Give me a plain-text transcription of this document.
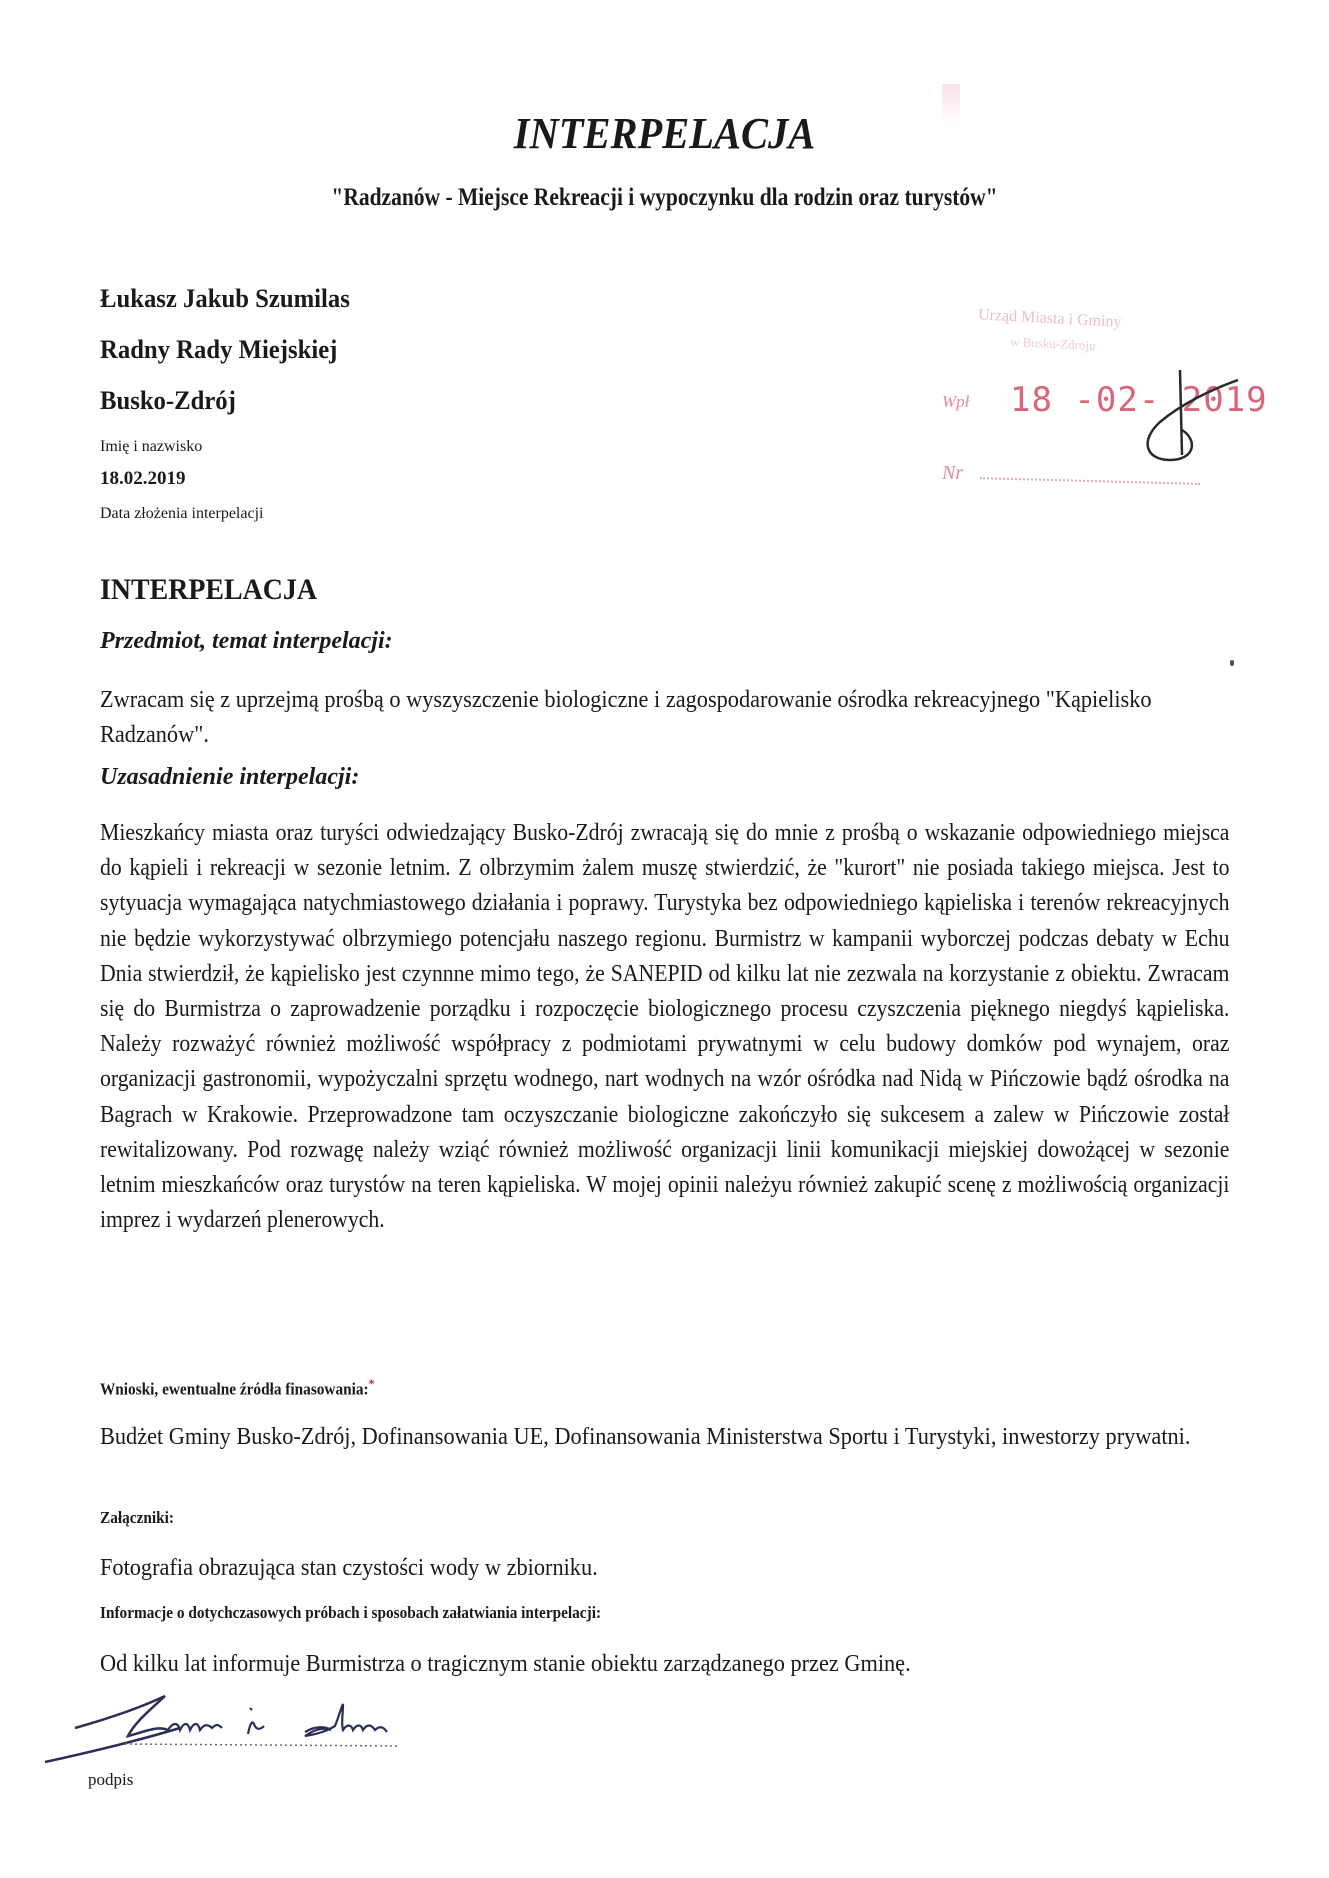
INTERPELACJA
"Radzanów - Miejsce Rekreacji i wypoczynku dla rodzin oraz turystów"
Łukasz Jakub Szumilas
Radny Rady Miejskiej
Busko-Zdrój
Imię i nazwisko
18.02.2019
Data złożenia interpelacji
Urząd Miasta i Gminy
w Busku-Zdroju
Wpł 18 -02- 2019
Nr
INTERPELACJA
Przedmiot, temat interpelacji:
Zwracam się z uprzejmą prośbą o wyszyszczenie biologiczne i zagospodarowanie ośrodka rekreacyjnego "Kąpielisko Radzanów".
Uzasadnienie interpelacji:
Mieszkańcy miasta oraz turyści odwiedzający Busko-Zdrój zwracają się do mnie z prośbą o wskazanie odpowiedniego miejsca do kąpieli i rekreacji w sezonie letnim. Z olbrzymim żalem muszę stwierdzić, że "kurort" nie posiada takiego miejsca. Jest to sytyuacja wymagająca natychmiastowego działania i poprawy. Turystyka bez odpowiedniego kąpieliska i terenów rekreacyjnych nie będzie wykorzystywać olbrzymiego potencjału naszego regionu. Burmistrz w kampanii wyborczej podczas debaty w Echu Dnia stwierdził, że kąpielisko jest czynnne mimo tego, że SANEPID od kilku lat nie zezwala na korzystanie z obiektu. Zwracam się do Burmistrza o zaprowadzenie porządku i rozpoczęcie biologicznego procesu czyszczenia pięknego niegdyś kąpieliska. Należy rozważyć również możliwość współpracy z podmiotami prywatnymi w celu budowy domków pod wynajem, oraz organizacji gastronomii, wypożyczalni sprzętu wodnego, nart wodnych na wzór ośródka nad Nidą w Pińczowie bądź ośrodka na Bagrach w Krakowie. Przeprowadzone tam oczyszczanie biologiczne zakończyło się sukcesem a zalew w Pińczowie został rewitalizowany. Pod rozwagę należy wziąć również możliwość organizacji linii komunikacji miejskiej dowożącej w sezonie letnim mieszkańców oraz turystów na teren kąpieliska. W mojej opinii należyu również zakupić scenę z możliwością organizacji imprez i wydarzeń plenerowych.
Wnioski, ewentualne źródła finasowania:*
Budżet Gminy Busko-Zdrój, Dofinansowania UE, Dofinansowania Ministerstwa Sportu i Turystyki, inwestorzy prywatni.
Załączniki:
Fotografia obrazująca stan czystości wody w zbiorniku.
Informacje o dotychczasowych próbach i sposobach załatwiania interpelacji:
Od kilku lat informuje Burmistrza o tragicznym stanie obiektu zarządzanego przez Gminę.
podpis
